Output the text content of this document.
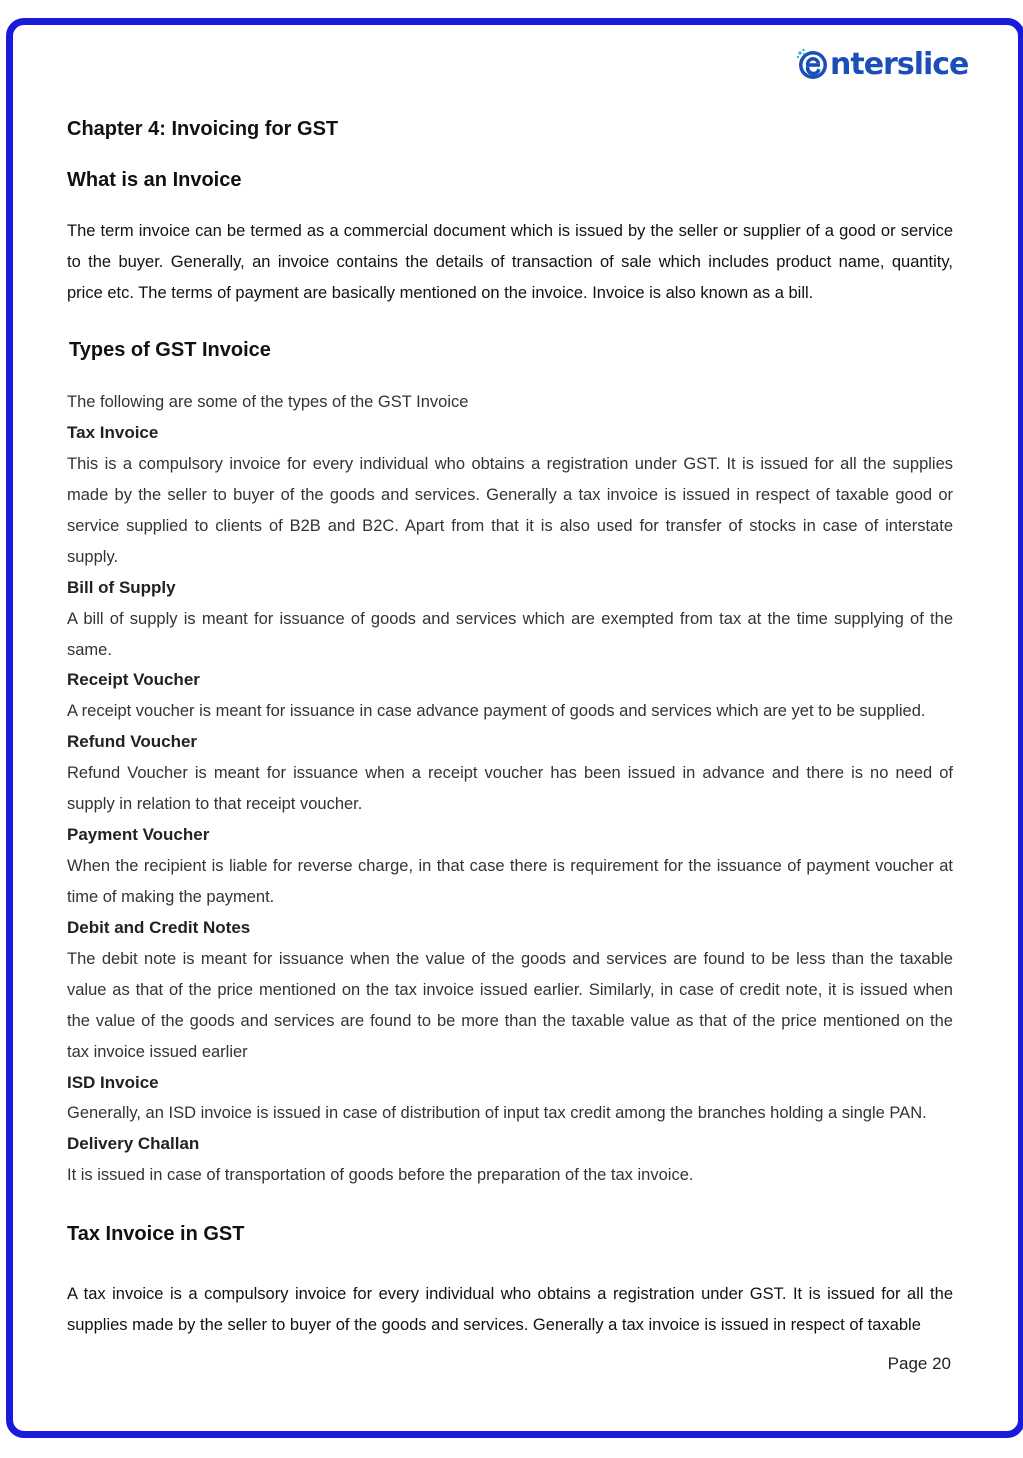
nterslice
Chapter 4: Invoicing for GST
What is an Invoice
The term invoice can be termed as a commercial document which is issued by the seller or supplier of a good or service
to the buyer. Generally, an invoice contains the details of transaction of sale which includes product name, quantity,
price etc. The terms of payment are basically mentioned on the invoice. Invoice is also known as a bill.
Types of GST Invoice
The following are some of the types of the GST Invoice
Tax Invoice
This is a compulsory invoice for every individual who obtains a registration under GST. It is issued for all the supplies
made by the seller to buyer of the goods and services. Generally a tax invoice is issued in respect of taxable good or
service supplied to clients of B2B and B2C. Apart from that it is also used for transfer of stocks in case of interstate
supply.
Bill of Supply
A bill of supply is meant for issuance of goods and services which are exempted from tax at the time supplying of the
same.
Receipt Voucher
A receipt voucher is meant for issuance in case advance payment of goods and services which are yet to be supplied.
Refund Voucher
Refund Voucher is meant for issuance when a receipt voucher has been issued in advance and there is no need of
supply in relation to that receipt voucher.
Payment Voucher
When the recipient is liable for reverse charge, in that case there is requirement for the issuance of payment voucher at
time of making the payment.
Debit and Credit Notes
The debit note is meant for issuance when the value of the goods and services are found to be less than the taxable
value as that of the price mentioned on the tax invoice issued earlier. Similarly, in case of credit note, it is issued when
the value of the goods and services are found to be more than the taxable value as that of the price mentioned on the
tax invoice issued earlier
ISD Invoice
Generally, an ISD invoice is issued in case of distribution of input tax credit among the branches holding a single PAN.
Delivery Challan
It is issued in case of transportation of goods before the preparation of the tax invoice.
Tax Invoice in GST
A tax invoice is a compulsory invoice for every individual who obtains a registration under GST. It is issued for all the
supplies made by the seller to buyer of the goods and services. Generally a tax invoice is issued in respect of taxable
Page 20
